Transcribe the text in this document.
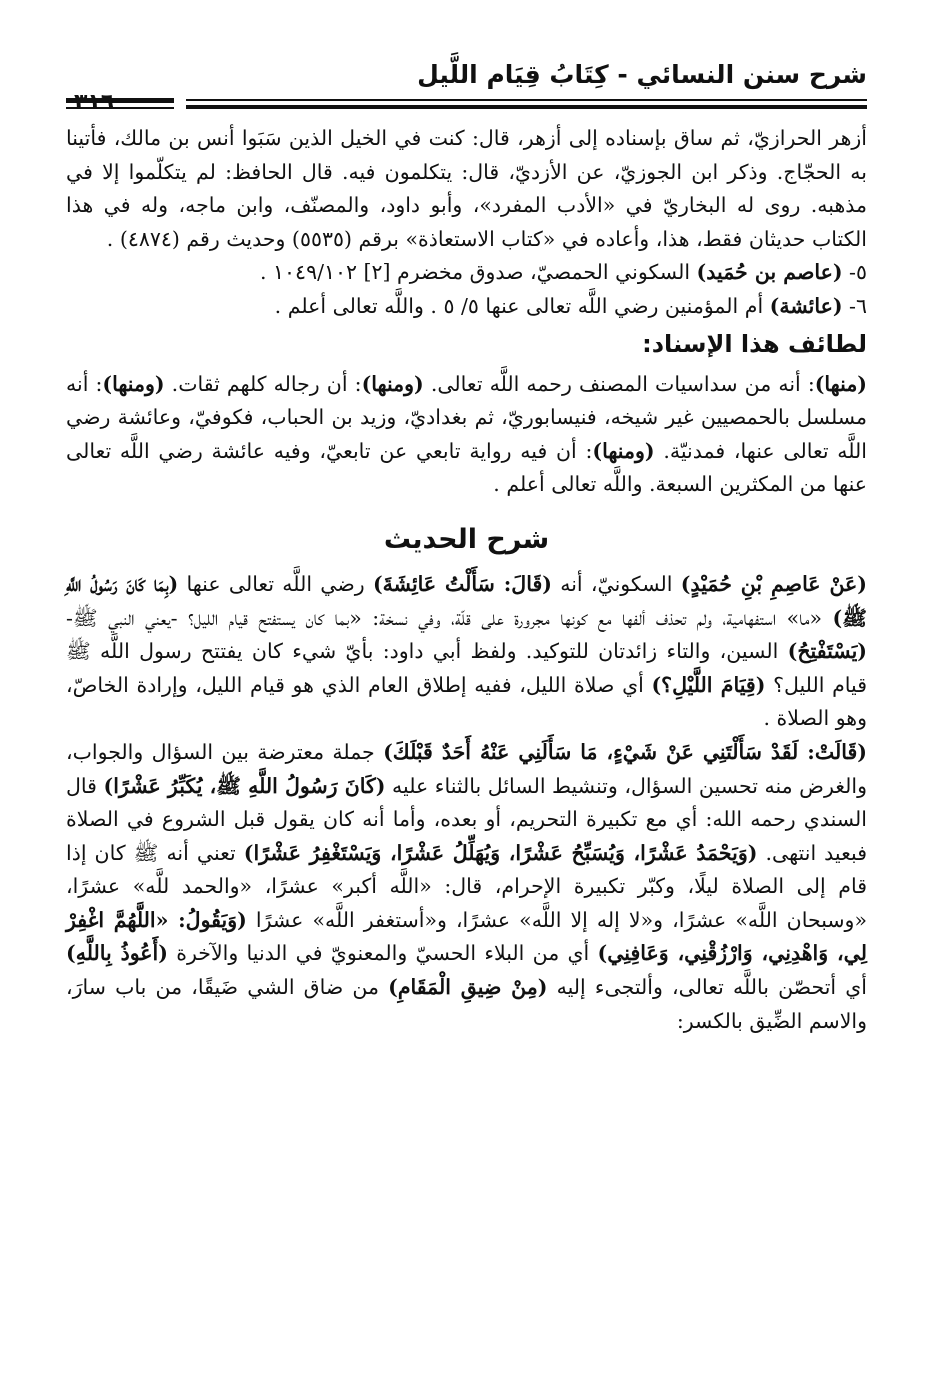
شرح سنن النسائي - كِتَابُ قِيَام اللَّيل
٣١٦

أزهر الحرازيّ، ثم ساق بإسناده إلى أزهر، قال: كنت في الخيل الذين سَبَوا أنس بن مالك، فأتينا به الحجّاج. وذكر ابن الجوزيّ، عن الأزديّ، قال: يتكلمون فيه. قال الحافظ: لم يتكلّموا إلا في مذهبه. روى له البخاريّ في «الأدب المفرد»، وأبو داود، والمصنّف، وابن ماجه، وله في هذا الكتاب حديثان فقط، هذا، وأعاده في «كتاب الاستعاذة» برقم (٥٥٣٥) وحديث رقم (٤٨٧٤) .

٥- (عاصم بن حُمَيد) السكوني الحمصيّ، صدوق مخضرم [٢] ١٠٤٩/١٠٢ .

٦- (عائشة) أم المؤمنين رضي اللَّه تعالى عنها ٥/ ٥ . واللَّه تعالى أعلم .

لطائف هذا الإسناد:

(منها): أنه من سداسيات المصنف رحمه اللَّه تعالى. (ومنها): أن رجاله كلهم ثقات. (ومنها): أنه مسلسل بالحمصيين غير شيخه، فنيسابوريّ، ثم بغداديّ، وزيد بن الحباب، فكوفيّ، وعائشة رضي اللَّه تعالى عنها، فمدنيّة. (ومنها): أن فيه رواية تابعي عن تابعيّ، وفيه عائشة رضي اللَّه تعالى عنها من المكثرين السبعة. واللَّه تعالى أعلم .

شرح الحديث

(عَنْ عَاصِمِ بْنِ حُمَيْدٍ) السكونيّ، أنه (قَالَ: سَأَلْتُ عَائِشَةَ) رضي اللَّه تعالى عنها (بِمَا كَانَ رَسُولُ اللَّهِ ﷺ) «ما» استفهامية، ولم تحذف ألفها مع كونها مجرورة على قلّة، وفي نسخة: «بما كان يستفتح قيام الليل؟ -يعني النبي ﷺ- (يَسْتَفْتِحُ) السين، والتاء زائدتان للتوكيد. ولفظ أبي داود: بأيّ شيء كان يفتتح رسول اللَّه ﷺ قيام الليل؟ (قِيَامَ اللَّيْلِ؟) أي صلاة الليل، ففيه إطلاق العام الذي هو قيام الليل، وإرادة الخاصّ، وهو الصلاة .

(قَالَتْ: لَقَدْ سَأَلْتَنِي عَنْ شَيْءٍ، مَا سَأَلَنِي عَنْهُ أَحَدٌ قَبْلَكَ) جملة معترضة بين السؤال والجواب، والغرض منه تحسين السؤال، وتنشيط السائل بالثناء عليه (كَانَ رَسُولُ اللَّهِ ﷺ، يُكَبِّرُ عَشْرًا) قال السندي رحمه الله: أي مع تكبيرة التحريم، أو بعده، وأما أنه كان يقول قبل الشروع في الصلاة فبعيد انتهى. (وَيَحْمَدُ عَشْرًا، وَيُسَبِّحُ عَشْرًا، وَيُهَلِّلُ عَشْرًا، وَيَسْتَغْفِرُ عَشْرًا) تعني أنه ﷺ كان إذا قام إلى الصلاة ليلًا، وكبّر تكبيرة الإحرام، قال: «اللَّه أكبر» عشرًا، «والحمد للَّه» عشرًا، «وسبحان اللَّه» عشرًا، و«لا إله إلا اللَّه» عشرًا، و«أستغفر اللَّه» عشرًا (وَيَقُولُ: «اللَّهُمَّ اغْفِرْ لِي، وَاهْدِنِي، وَارْزُقْنِي، وَعَافِنِي) أي من البلاء الحسيّ والمعنويّ في الدنيا والآخرة (أَعُوذُ بِاللَّهِ) أي أتحصّن باللَّه تعالى، وألتجىء إليه (مِنْ ضِيقِ الْمَقَامِ) من ضاق الشي ضَيقًا، من باب سارَ، والاسم الضِّيق بالكسر:
